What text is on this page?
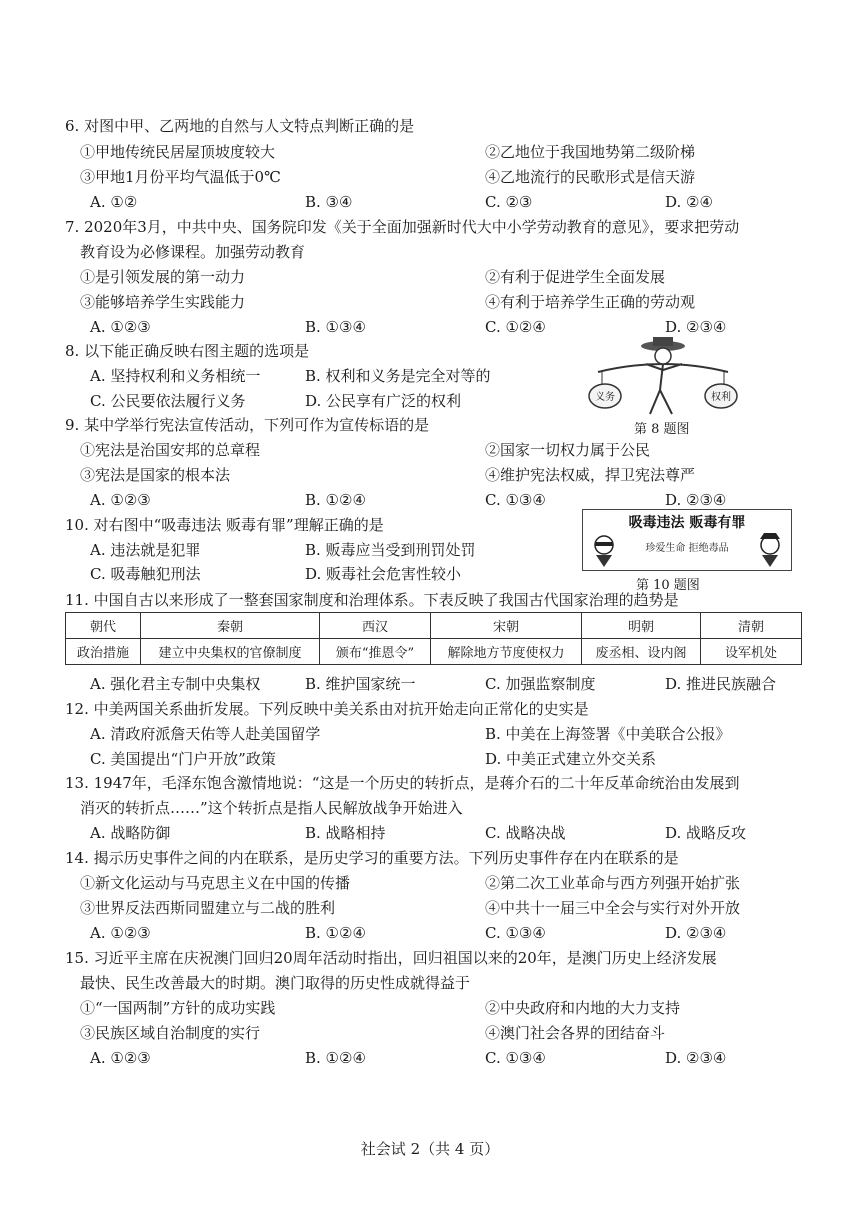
6. 对图中甲、乙两地的自然与人文特点判断正确的是
①甲地传统民居屋顶坡度较大	②乙地位于我国地势第二级阶梯
③甲地1月份平均气温低于0℃	④乙地流行的民歌形式是信天游
A. ①②	B. ③④	C. ②③	D. ②④
7. 2020年3月，中共中央、国务院印发《关于全面加强新时代大中小学劳动教育的意见》，要求把劳动
教育设为必修课程。加强劳动教育
①是引领发展的第一动力	②有利于促进学生全面发展
③能够培养学生实践能力	④有利于培养学生正确的劳动观
A. ①②③	B. ①③④	C. ①②④	D. ②③④
8. 以下能正确反映右图主题的选项是
A. 坚持权利和义务相统一	B. 权利和义务是完全对等的
C. 公民要依法履行义务	D. 公民享有广泛的权利	义务	权利
第 8 题图
9. 某中学举行宪法宣传活动，下列可作为宣传标语的是
①宪法是治国安邦的总章程	②国家一切权力属于公民
③宪法是国家的根本法	④维护宪法权威，捍卫宪法尊严
A. ①②③	B. ①②④	C. ①③④	D. ②③④
10. 对右图中“吸毒违法 贩毒有罪”理解正确的是
A. 违法就是犯罪	B. 贩毒应当受到刑罚处罚
C. 吸毒触犯刑法	D. 贩毒社会危害性较小
吸毒违法 贩毒有罪
珍爱生命 拒绝毒品
第 10 题图
11. 中国自古以来形成了一整套国家制度和治理体系。下表反映了我国古代国家治理的趋势是
朝代	秦朝	西汉	宋朝	明朝	清朝
政治措施	建立中央集权的官僚制度	颁布“推恩令”	解除地方节度使权力	废丞相、设内阁	设军机处
A. 强化君主专制中央集权	B. 维护国家统一	C. 加强监察制度	D. 推进民族融合
12. 中美两国关系曲折发展。下列反映中美关系由对抗开始走向正常化的史实是
A. 清政府派詹天佑等人赴美国留学	B. 中美在上海签署《中美联合公报》
C. 美国提出“门户开放”政策	D. 中美正式建立外交关系
13. 1947年，毛泽东饱含激情地说：“这是一个历史的转折点，是蒋介石的二十年反革命统治由发展到
消灭的转折点……”这个转折点是指人民解放战争开始进入
A. 战略防御	B. 战略相持	C. 战略决战	D. 战略反攻
14. 揭示历史事件之间的内在联系，是历史学习的重要方法。下列历史事件存在内在联系的是
①新文化运动与马克思主义在中国的传播	②第二次工业革命与西方列强开始扩张
③世界反法西斯同盟建立与二战的胜利	④中共十一届三中全会与实行对外开放
A. ①②③	B. ①②④	C. ①③④	D. ②③④
15. 习近平主席在庆祝澳门回归20周年活动时指出，回归祖国以来的20年，是澳门历史上经济发展
最快、民生改善最大的时期。澳门取得的历史性成就得益于
①“一国两制”方针的成功实践	②中央政府和内地的大力支持
③民族区域自治制度的实行	④澳门社会各界的团结奋斗
A. ①②③	B. ①②④	C. ①③④	D. ②③④
社会试 2（共 4 页）
